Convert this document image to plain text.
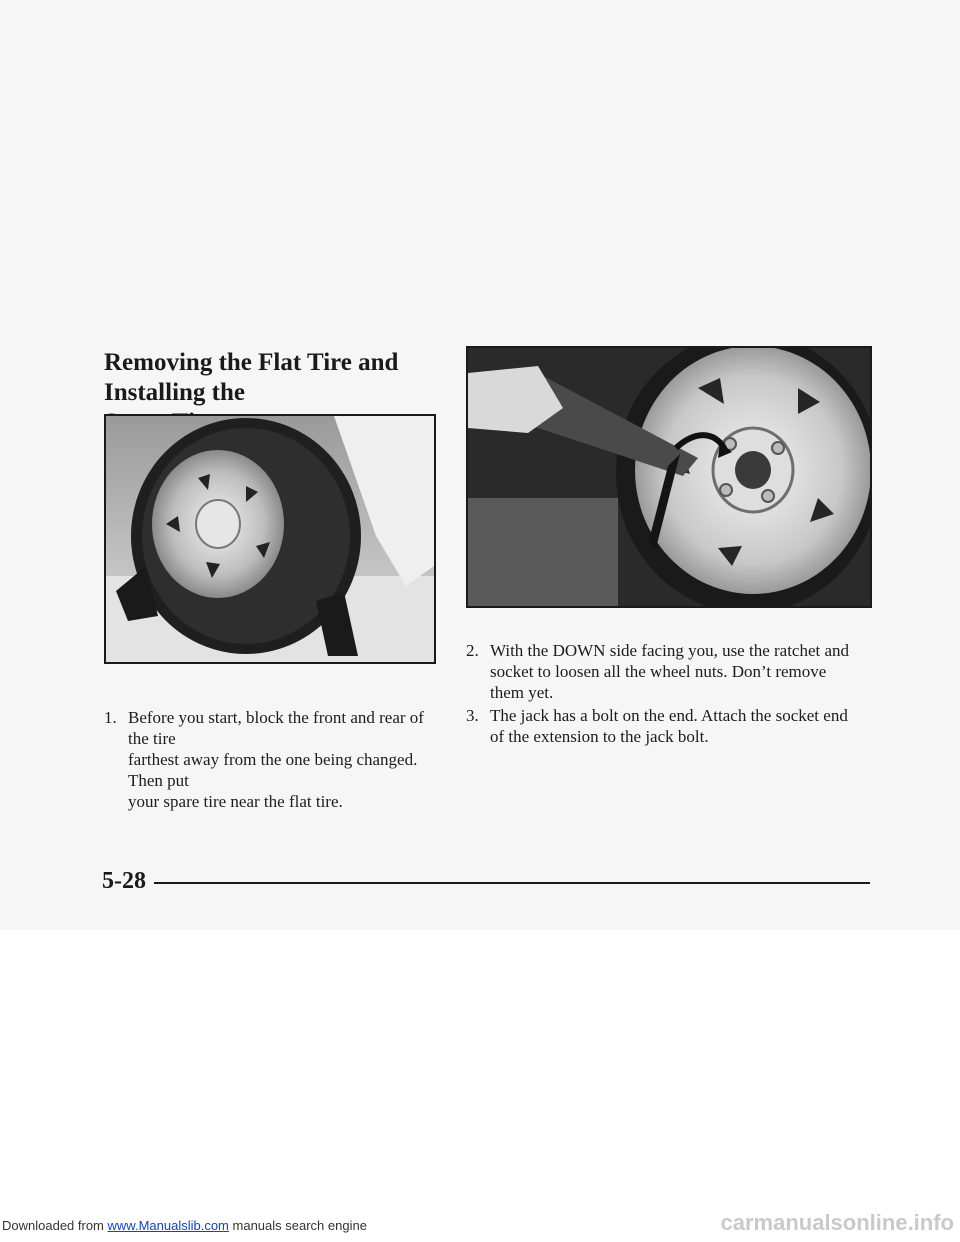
Removing the Flat Tire and Installing the
1. Before you start, block the front and rear of the tire
farthest away from the one being changed. Then put
your spare tire near the flat tire.
2. With the DOWN side facing you, use the ratchet and
socket to loosen all the wheel nuts. Don’t remove
them yet.
3. The jack has a bolt on the end. Attach the socket end
of the extension to the jack bolt.
5-28
Downloaded from www.Manualslib.com manuals search engine	carmanualsonline.info
